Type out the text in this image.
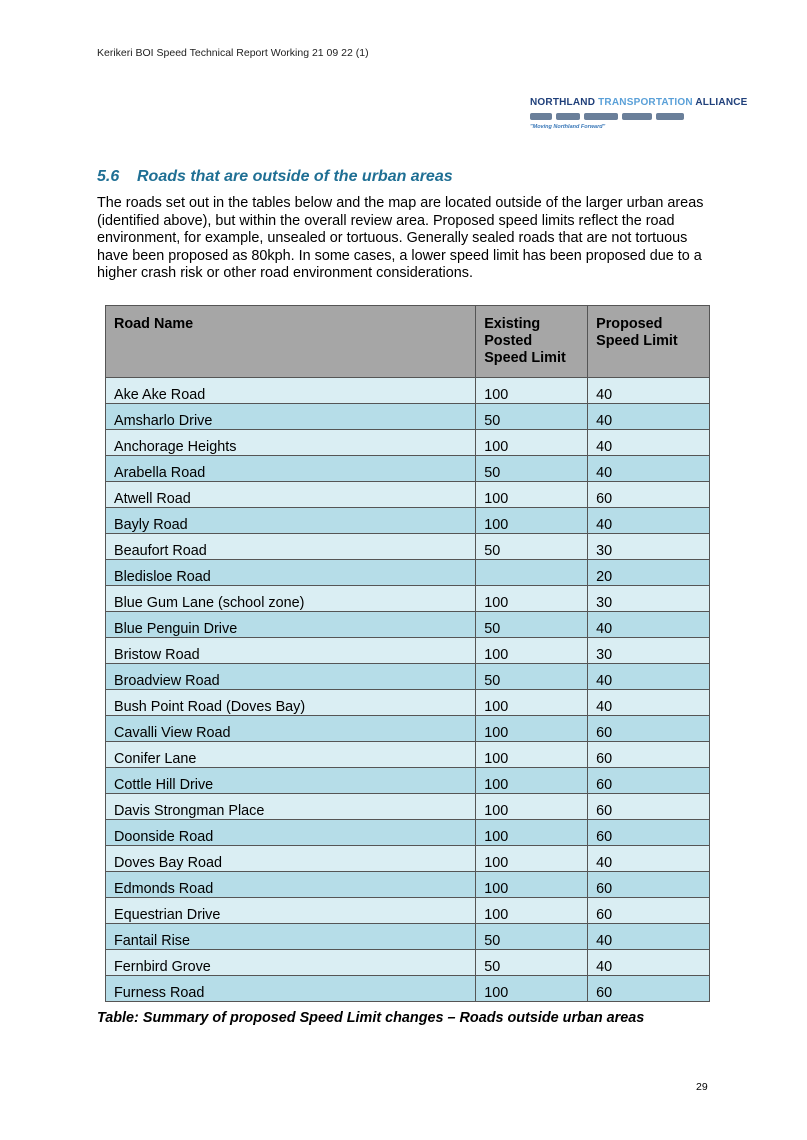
Kerikeri BOI Speed Technical Report Working 21 09 22 (1)
NORTHLAND TRANSPORTATION ALLIANCE
"Moving Northland Forward"
5.6 Roads that are outside of the urban areas
The roads set out in the tables below and the map are located outside of the larger urban areas (identified above), but within the overall review area. Proposed speed limits reflect the road environment, for example, unsealed or tortuous. Generally sealed roads that are not tortuous have been proposed as 80kph. In some cases, a lower speed limit has been proposed due to a higher crash risk or other road environment considerations.
Road Name	Existing Posted Speed Limit	Proposed Speed Limit
Ake Ake Road	100	40
Amsharlo Drive	50	40
Anchorage Heights	100	40
Arabella Road	50	40
Atwell Road	100	60
Bayly Road	100	40
Beaufort Road	50	30
Bledisloe Road		20
Blue Gum Lane (school zone)	100	30
Blue Penguin Drive	50	40
Bristow Road	100	30
Broadview Road	50	40
Bush Point Road (Doves Bay)	100	40
Cavalli View Road	100	60
Conifer Lane	100	60
Cottle Hill Drive	100	60
Davis Strongman Place	100	60
Doonside Road	100	60
Doves Bay Road	100	40
Edmonds Road	100	60
Equestrian Drive	100	60
Fantail Rise	50	40
Fernbird Grove	50	40
Furness Road	100	60
Table: Summary of proposed Speed Limit changes – Roads outside urban areas
29
